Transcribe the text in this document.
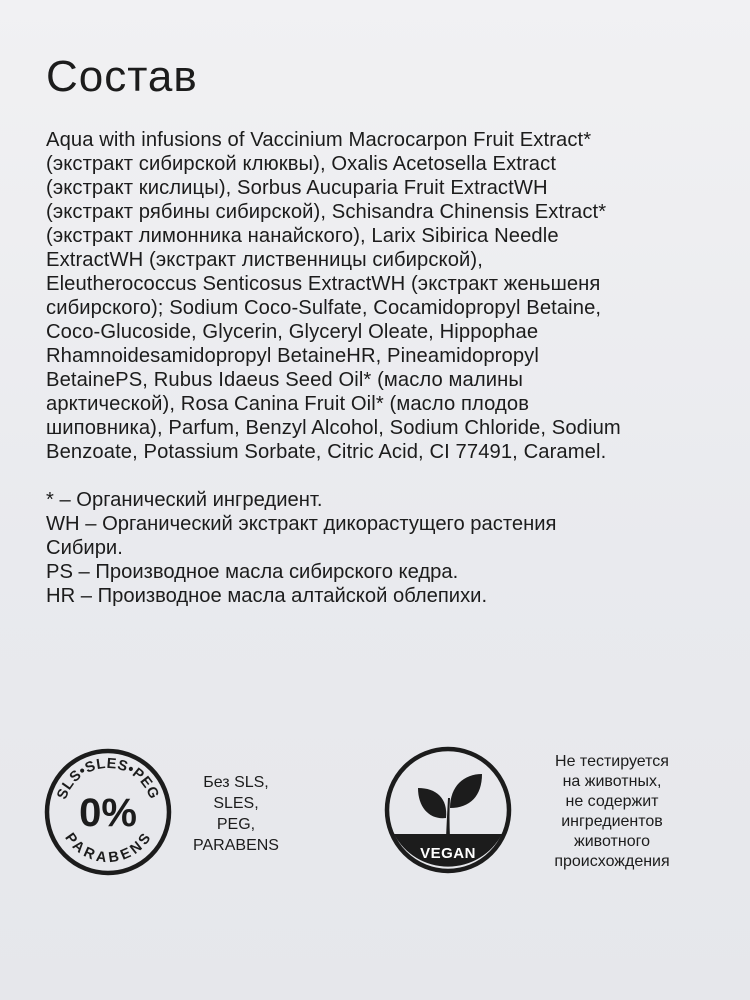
Состав

Aqua with infusions of Vaccinium Macrocarpon Fruit Extract*
(экстракт сибирской клюквы), Oxalis Acetosella Extract
(экстракт кислицы), Sorbus Aucuparia Fruit ExtractWH
(экстракт рябины сибирской), Schisandra Chinensis Extract*
(экстракт лимонника нанайского), Larix Sibirica Needle
ExtractWH (экстракт лиственницы сибирской),
Eleutherococcus Senticosus ExtractWH (экстракт женьшеня
сибирского); Sodium Coco-Sulfate, Cocamidopropyl Betaine,
Coco-Glucoside, Glycerin, Glyceryl Oleate, Hippophae
Rhamnoidesamidopropyl BetaineHR, Pineamidopropyl
BetainePS, Rubus Idaeus Seed Oil* (масло малины
арктической), Rosa Canina Fruit Oil* (масло плодов
шиповника), Parfum, Benzyl Alcohol, Sodium Chloride, Sodium
Benzoate, Potassium Sorbate, Citric Acid, CI 77491, Caramel.

* – Органический ингредиент.
WH – Органический экстракт дикорастущего растения
Сибири.
PS – Производное масла сибирского кедра.
HR – Производное масла алтайской облепихи.
SLS•SLES•PEG
PARABENS
0%
Без SLS,
SLES,
PEG,
PARABENS	VEGAN
Не тестируется
на животных,
не содержит
ингредиентов
животного
происхождения
